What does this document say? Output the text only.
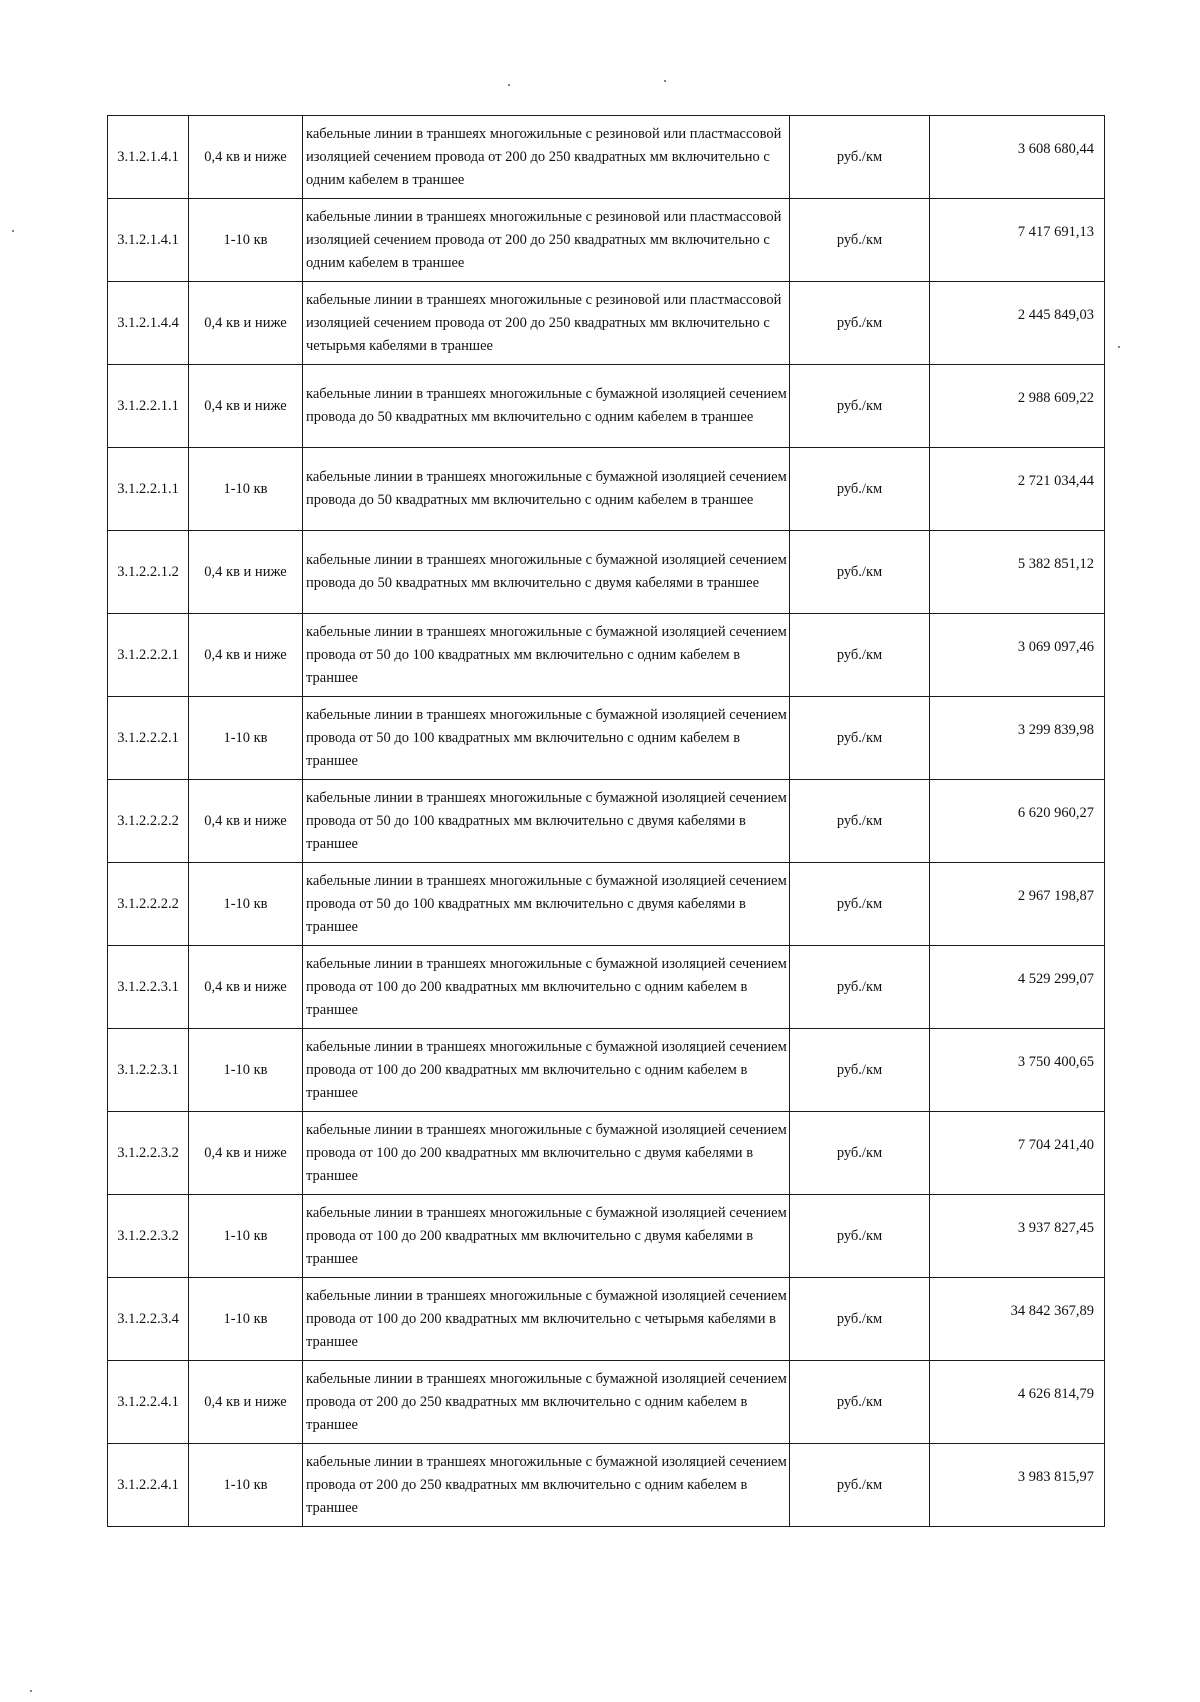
3.1.2.1.4.1	0,4 кв и ниже	кабельные линии в траншеях многожильные с резиновой или пластмассовой изоляцией сечением провода от 200 до 250 квадратных мм включительно с одним кабелем в траншее	руб./км	3 608 680,44
3.1.2.1.4.1	1-10 кв	кабельные линии в траншеях многожильные с резиновой или пластмассовой изоляцией сечением провода от 200 до 250 квадратных мм включительно с одним кабелем в траншее	руб./км	7 417 691,13
3.1.2.1.4.4	0,4 кв и ниже	кабельные линии в траншеях многожильные с резиновой или пластмассовой изоляцией сечением провода от 200 до 250 квадратных мм включительно с четырьмя кабелями в траншее	руб./км	2 445 849,03
3.1.2.2.1.1	0,4 кв и ниже	кабельные линии в траншеях многожильные с бумажной изоляцией сечением провода до 50 квадратных мм включительно с одним кабелем в траншее	руб./км	2 988 609,22
3.1.2.2.1.1	1-10 кв	кабельные линии в траншеях многожильные с бумажной изоляцией сечением провода до 50 квадратных мм включительно с одним кабелем в траншее	руб./км	2 721 034,44
3.1.2.2.1.2	0,4 кв и ниже	кабельные линии в траншеях многожильные с бумажной изоляцией сечением провода до 50 квадратных мм включительно с двумя кабелями в траншее	руб./км	5 382 851,12
3.1.2.2.2.1	0,4 кв и ниже	кабельные линии в траншеях многожильные с бумажной изоляцией сечением провода от 50 до 100 квадратных мм включительно с одним кабелем в траншее	руб./км	3 069 097,46
3.1.2.2.2.1	1-10 кв	кабельные линии в траншеях многожильные с бумажной изоляцией сечением провода от 50 до 100 квадратных мм включительно с одним кабелем в траншее	руб./км	3 299 839,98
3.1.2.2.2.2	0,4 кв и ниже	кабельные линии в траншеях многожильные с бумажной изоляцией сечением провода от 50 до 100 квадратных мм включительно с двумя кабелями в траншее	руб./км	6 620 960,27
3.1.2.2.2.2	1-10 кв	кабельные линии в траншеях многожильные с бумажной изоляцией сечением провода от 50 до 100 квадратных мм включительно с двумя кабелями в траншее	руб./км	2 967 198,87
3.1.2.2.3.1	0,4 кв и ниже	кабельные линии в траншеях многожильные с бумажной изоляцией сечением провода от 100 до 200 квадратных мм включительно с одним кабелем в траншее	руб./км	4 529 299,07
3.1.2.2.3.1	1-10 кв	кабельные линии в траншеях многожильные с бумажной изоляцией сечением провода от 100 до 200 квадратных мм включительно с одним кабелем в траншее	руб./км	3 750 400,65
3.1.2.2.3.2	0,4 кв и ниже	кабельные линии в траншеях многожильные с бумажной изоляцией сечением провода от 100 до 200 квадратных мм включительно с двумя кабелями в траншее	руб./км	7 704 241,40
3.1.2.2.3.2	1-10 кв	кабельные линии в траншеях многожильные с бумажной изоляцией сечением провода от 100 до 200 квадратных мм включительно с двумя кабелями в траншее	руб./км	3 937 827,45
3.1.2.2.3.4	1-10 кв	кабельные линии в траншеях многожильные с бумажной изоляцией сечением провода от 100 до 200 квадратных мм включительно с четырьмя кабелями в траншее	руб./км	34 842 367,89
3.1.2.2.4.1	0,4 кв и ниже	кабельные линии в траншеях многожильные с бумажной изоляцией сечением провода от 200 до 250 квадратных мм включительно с одним кабелем в траншее	руб./км	4 626 814,79
3.1.2.2.4.1	1-10 кв	кабельные линии в траншеях многожильные с бумажной изоляцией сечением провода от 200 до 250 квадратных мм включительно с одним кабелем в траншее	руб./км	3 983 815,97
